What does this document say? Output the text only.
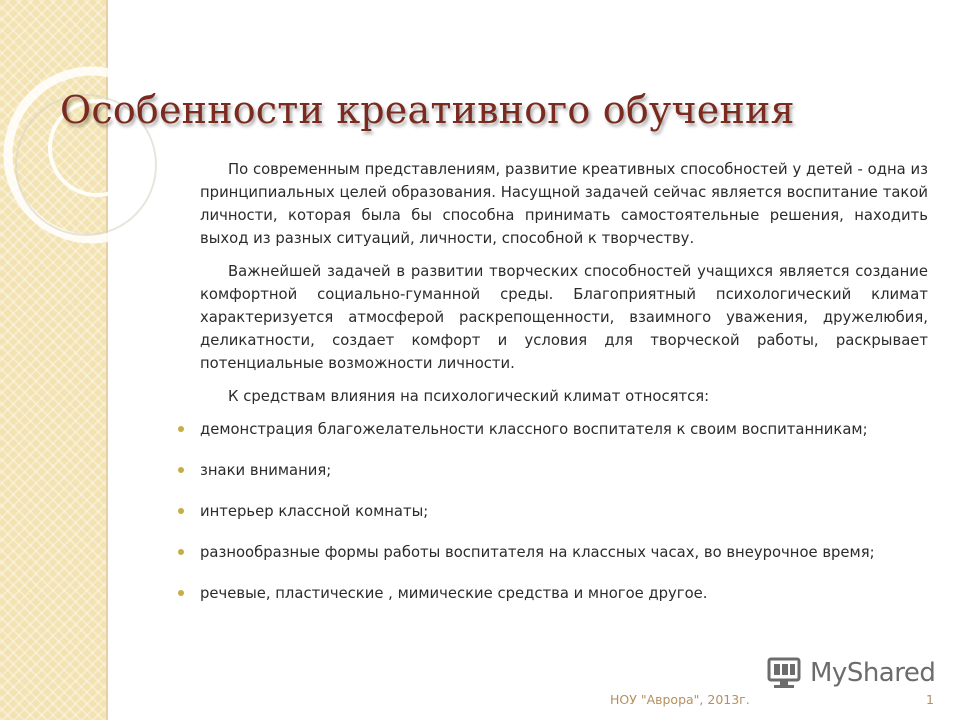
Особенности креативного обучения

По современным представлениям, развитие креативных способностей у детей - одна из принципиальных целей образования. Насущной задачей сейчас является воспитание такой личности, которая была бы способна принимать самостоятельные решения, находить выход из разных ситуаций, личности, способной к творчеству.

Важнейшей задачей в развитии творческих способностей учащихся является создание комфортной социально-гуманной среды. Благоприятный психологический климат характеризуется атмосферой раскрепощенности, взаимного уважения, дружелюбия, деликатности, создает комфорт и условия для творческой работы, раскрывает потенциальные возможности личности.

К средствам влияния на психологический климат относятся:

демонстрация благожелательности классного воспитателя к своим воспитанникам;
знаки внимания;
интерьер классной комнаты;
разнообразные формы работы воспитателя на классных часах, во внеурочное время;
речевые, пластические , мимические средства и многое другое.
MyShared
НОУ "Аврора", 2013г.	1
